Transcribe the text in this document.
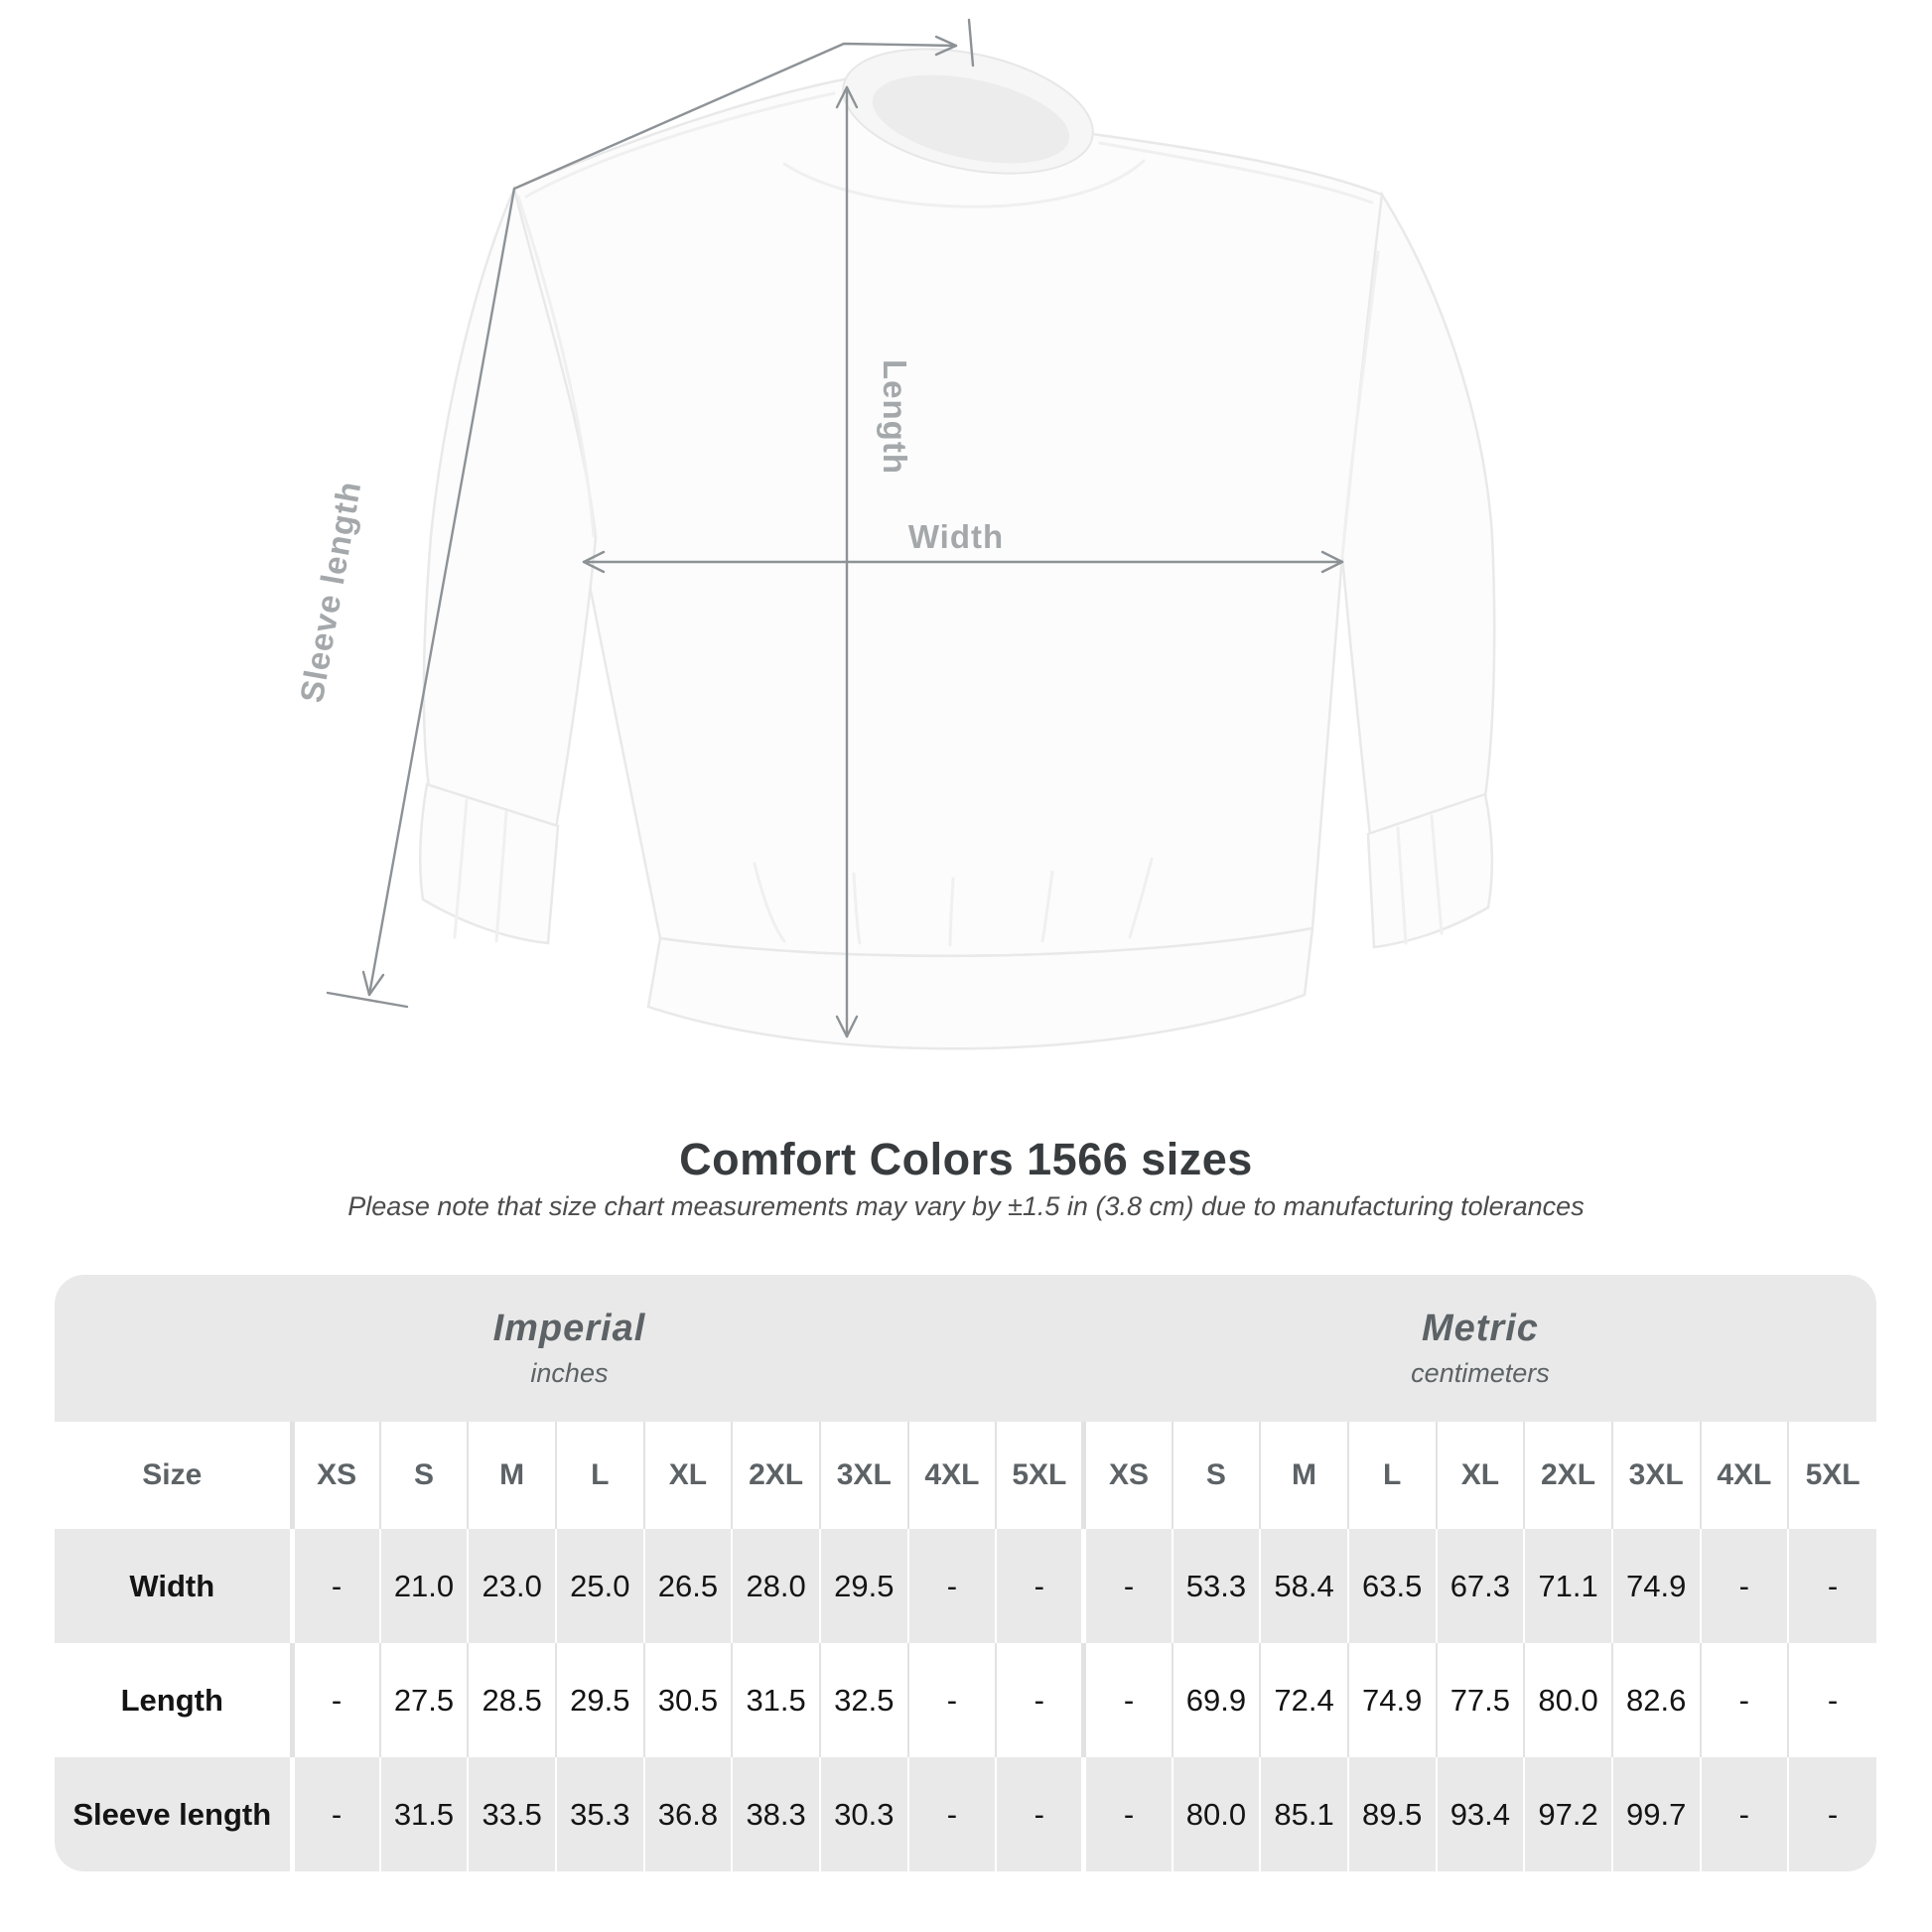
Length
Width
Sleeve length
Comfort Colors 1566 sizes
Please note that size chart measurements may vary by ±1.5 in (3.8 cm) due to manufacturing tolerances
Imperial
inches

Metric
centimeters

Size	XS	S	M	L	XL	2XL	3XL	4XL	5XL	XS	S	M	L	XL	2XL	3XL	4XL	5XL
Width	-	21.0	23.0	25.0	26.5	28.0	29.5	-	-	-	53.3	58.4	63.5	67.3	71.1	74.9	-	-
Length	-	27.5	28.5	29.5	30.5	31.5	32.5	-	-	-	69.9	72.4	74.9	77.5	80.0	82.6	-	-
Sleeve length	-	31.5	33.5	35.3	36.8	38.3	30.3	-	-	-	80.0	85.1	89.5	93.4	97.2	99.7	-	-
